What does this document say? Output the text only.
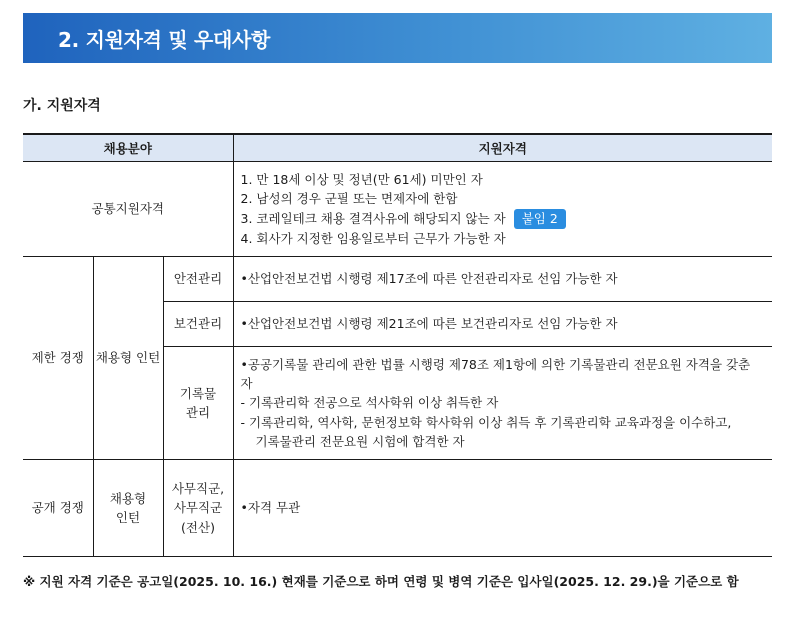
2. 지원자격 및 우대사항
가. 지원자격
채용분야			지원자격
공통지원자격			1. 만 18세 이상 및 정년(만 61세) 미만인 자
2. 남성의 경우 군필 또는 면제자에 한함
3. 코레일테크 채용 결격사유에 해당되지 않는 자 붙임 2
4. 회사가 지정한 임용일로부터 근무가 가능한 자

제한 경쟁	채용형 인턴	안전관리	•산업안전보건법 시행령 제17조에 따른 안전관리자로 선임 가능한 자
		보건관리	•산업안전보건법 시행령 제21조에 따른 보건관리자로 선임 가능한 자
		기록물 관리	•공공기록물 관리에 관한 법률 시행령 제78조 제1항에 의한 기록물관리 전문요원 자격을 갖춘 자
- 기록관리학 전공으로 석사학위 이상 취득한 자
- 기록관리학, 역사학, 문헌정보학 학사학위 이상 취득 후 기록관리학 교육과정을 이수하고,
기록물관리 전문요원 시험에 합격한 자

공개 경쟁	채용형 인턴	사무직군, 사무직군 (전산)	•자격 무관
※ 지원 자격 기준은 공고일(2025. 10. 16.) 현재를 기준으로 하며 연령 및 병역 기준은 입사일(2025. 12. 29.)을 기준으로 함
